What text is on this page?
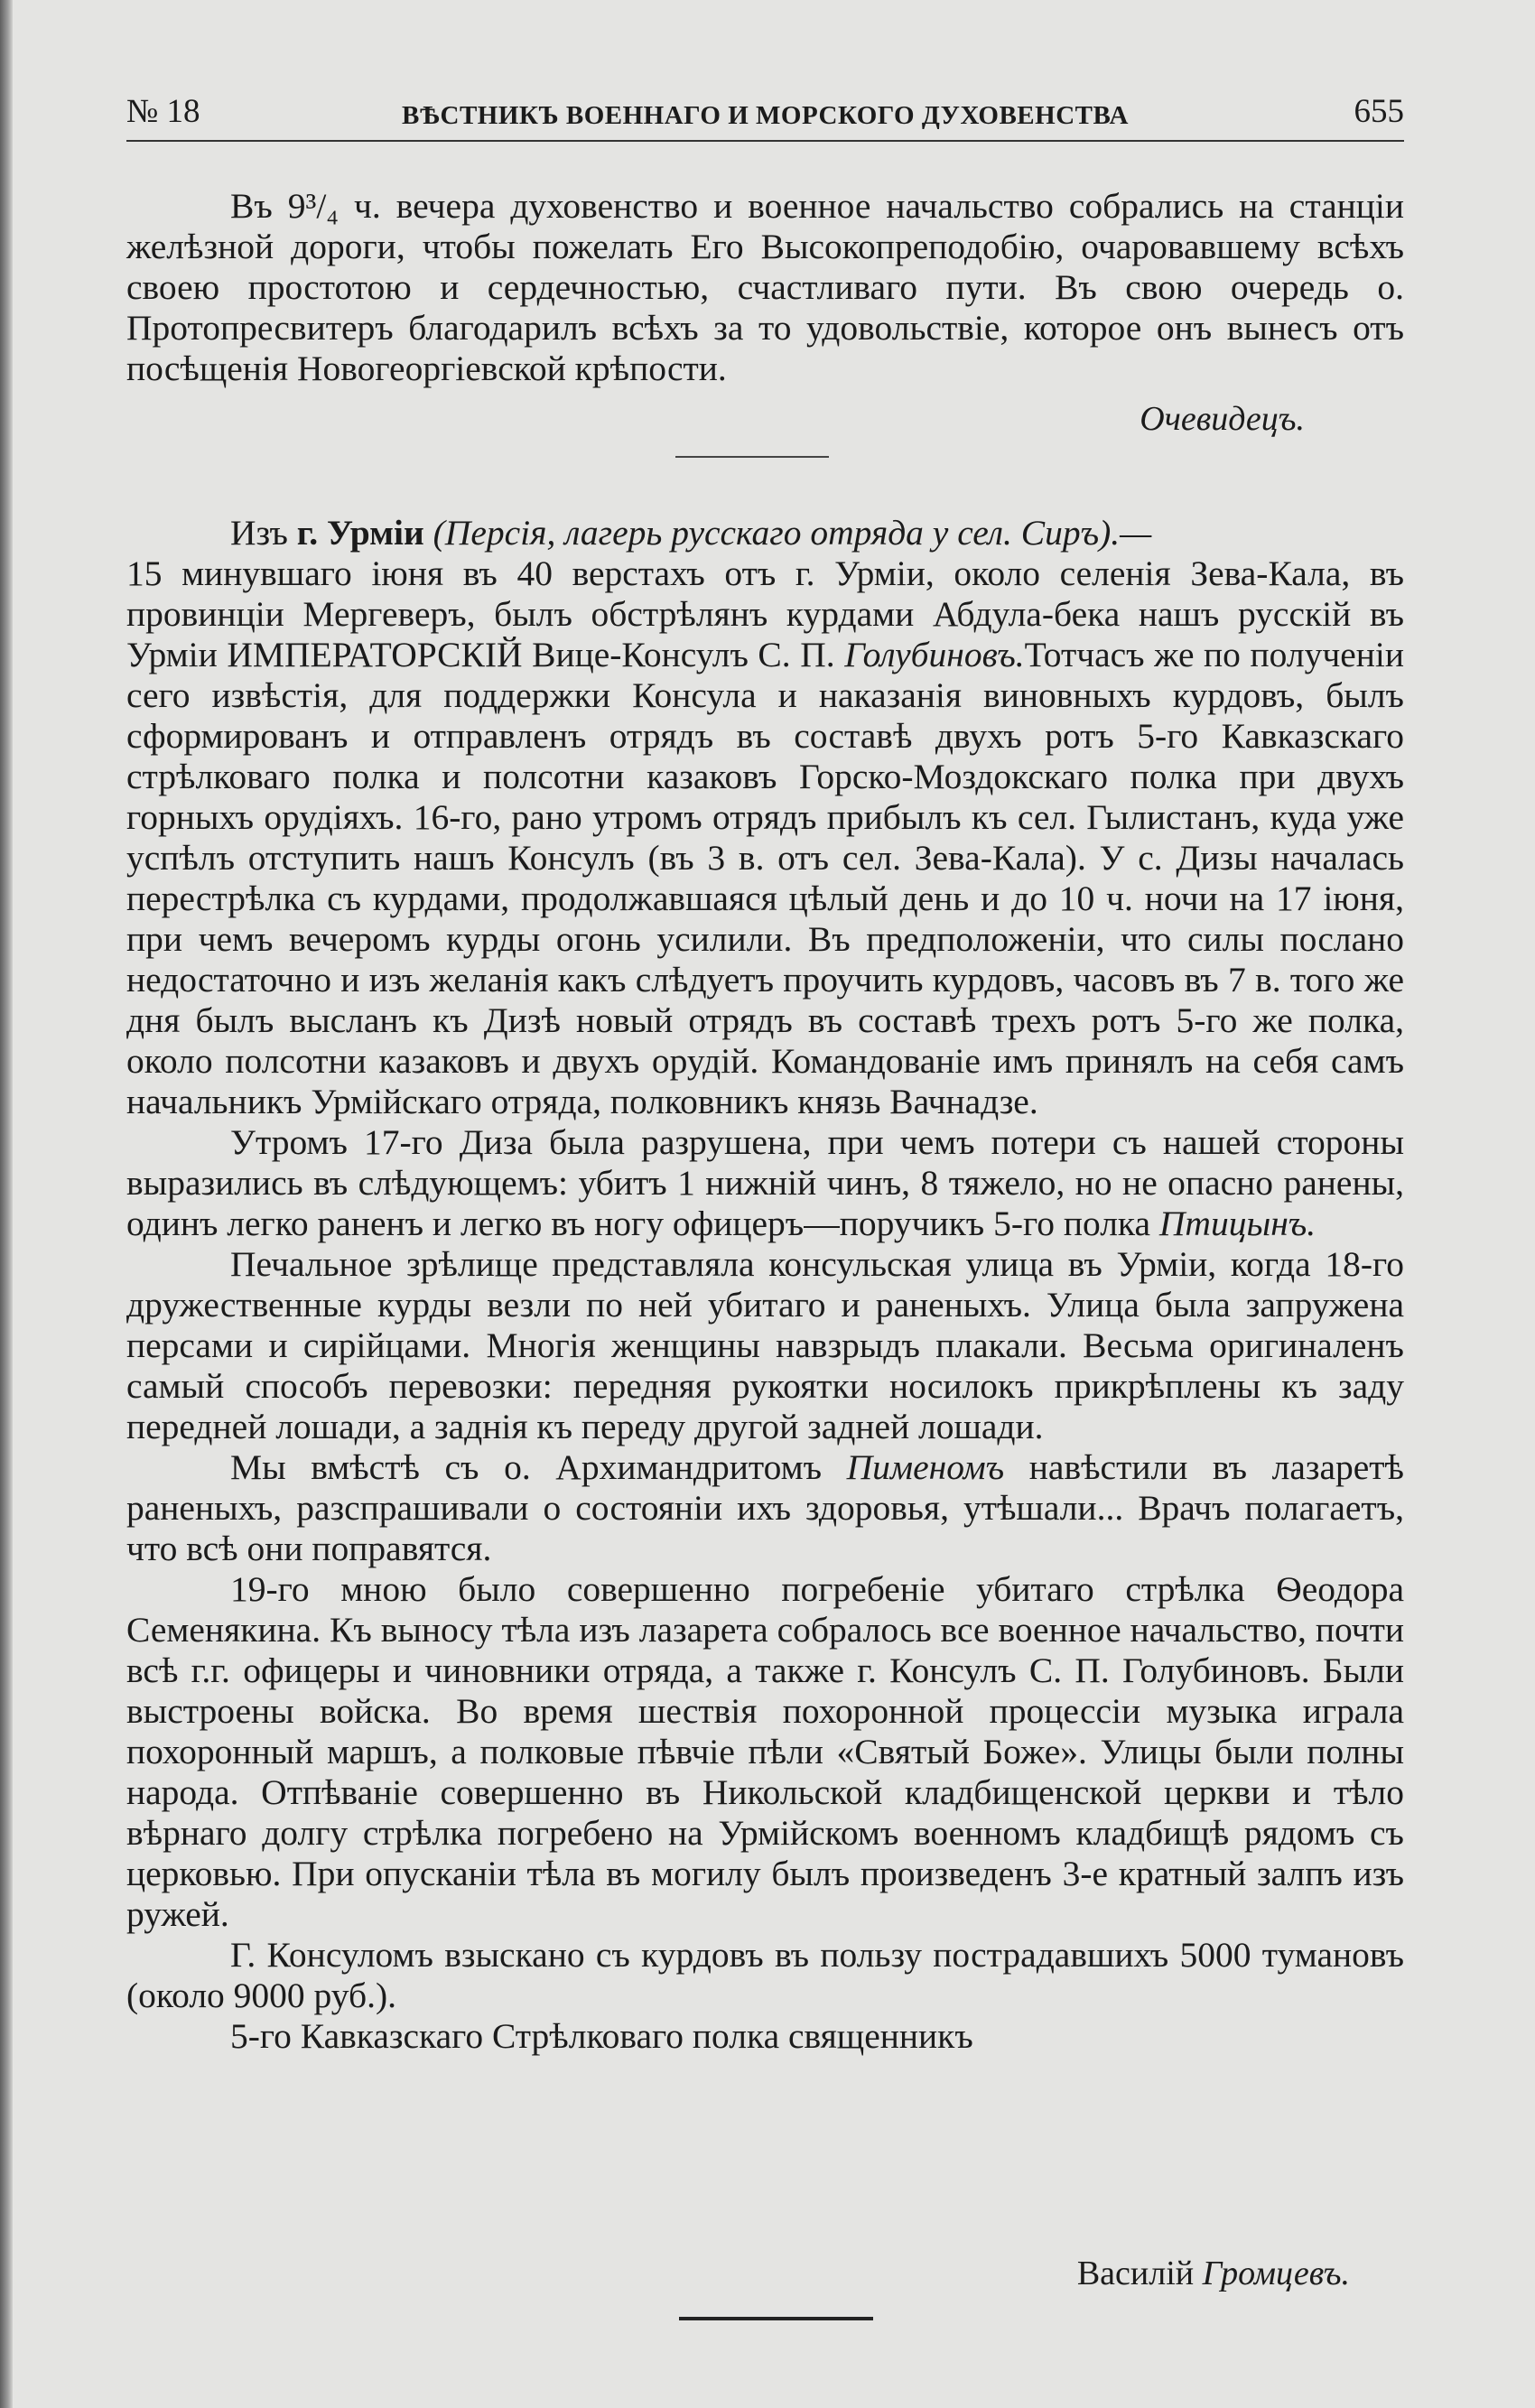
№ 18	ВѢСТНИКЪ ВОЕННАГО И МОРСКОГО ДУХОВЕНСТВА	655

Въ 9³/₄ ч. вечера духовенство и военное начальство собрались на станціи желѣзной дороги, чтобы пожелать Его Высокопреподобію, очаровавшему всѣхъ своею простотою и сердечностью, счастливаго пути. Въ свою очередь о. Протопресвитеръ благодарилъ всѣхъ за то удовольствіе, которое онъ вынесъ отъ посѣщенія Новогеоргіевской крѣпости.

Очевидецъ.

Изъ г. Урміи (Персія, лагерь русскаго отряда у сел. Сиръ).—

15 минувшаго іюня въ 40 верстахъ отъ г. Урміи, около селенія Зева-Кала, въ провинціи Мергеверъ, былъ обстрѣлянъ курдами Абдула-бека нашъ русскій въ Урміи ИМПЕРАТОРСКІЙ Вице-Консулъ С. П. Голубиновъ.Тотчасъ же по полученіи сего извѣстія, для поддержки Консула и наказанія виновныхъ курдовъ, былъ сформированъ и отправленъ отрядъ въ составѣ двухъ ротъ 5-го Кавказскаго стрѣлковаго полка и полсотни казаковъ Горско-Моздокскаго полка при двухъ горныхъ орудіяхъ. 16-го, рано утромъ отрядъ прибылъ къ сел. Гылистанъ, куда уже успѣлъ отступить нашъ Консулъ (въ 3 в. отъ сел. Зева-Кала). У с. Дизы началась перестрѣлка съ курдами, продолжавшаяся цѣлый день и до 10 ч. ночи на 17 іюня, при чемъ вечеромъ курды огонь усилили. Въ предположеніи, что силы послано недостаточно и изъ желанія какъ слѣдуетъ проучить курдовъ, часовъ въ 7 в. того же дня былъ высланъ къ Дизѣ новый отрядъ въ составѣ трехъ ротъ 5-го же полка, около полсотни казаковъ и двухъ орудій. Командованіе имъ принялъ на себя самъ начальникъ Урмійскаго отряда, полковникъ князь Вачнадзе.

Утромъ 17-го Диза была разрушена, при чемъ потери съ нашей стороны выразились въ слѣдующемъ: убитъ 1 нижній чинъ, 8 тяжело, но не опасно ранены, одинъ легко раненъ и легко въ ногу офицеръ—поручикъ 5-го полка Птицынъ.

Печальное зрѣлище представляла консульская улица въ Урміи, когда 18-го дружественные курды везли по ней убитаго и раненыхъ. Улица была запружена персами и сирійцами. Многія женщины навзрыдъ плакали. Весьма оригиналенъ самый способъ перевозки: передняя рукоятки носилокъ прикрѣплены къ заду передней лошади, а заднія къ переду другой задней лошади.

Мы вмѣстѣ съ о. Архимандритомъ Пименомъ навѣстили въ лазаретѣ раненыхъ, разспрашивали о состояніи ихъ здоровья, утѣшали... Врачъ полагаетъ, что всѣ они поправятся.

19-го мною было совершенно погребеніе убитаго стрѣлка Ѳеодора Семенякина. Къ выносу тѣла изъ лазарета собралось все военное начальство, почти всѣ г.г. офицеры и чиновники отряда, а также г. Консулъ С. П. Голубиновъ. Были выстроены войска. Во время шествія похоронной процессіи музыка играла похоронный маршъ, а полковые пѣвчіе пѣли «Святый Боже». Улицы были полны народа. Отпѣваніе совершенно въ Никольской кладбищенской церкви и тѣло вѣрнаго долгу стрѣлка погребено на Урмійскомъ военномъ кладбищѣ рядомъ съ церковью. При опусканіи тѣла въ могилу былъ произведенъ 3-е кратный залпъ изъ ружей.

Г. Консуломъ взыскано съ курдовъ въ пользу пострадавшихъ 5000 тумановъ (около 9000 руб.).

5-го Кавказскаго Стрѣлковаго полка священникъ

Василій Громцевъ.
